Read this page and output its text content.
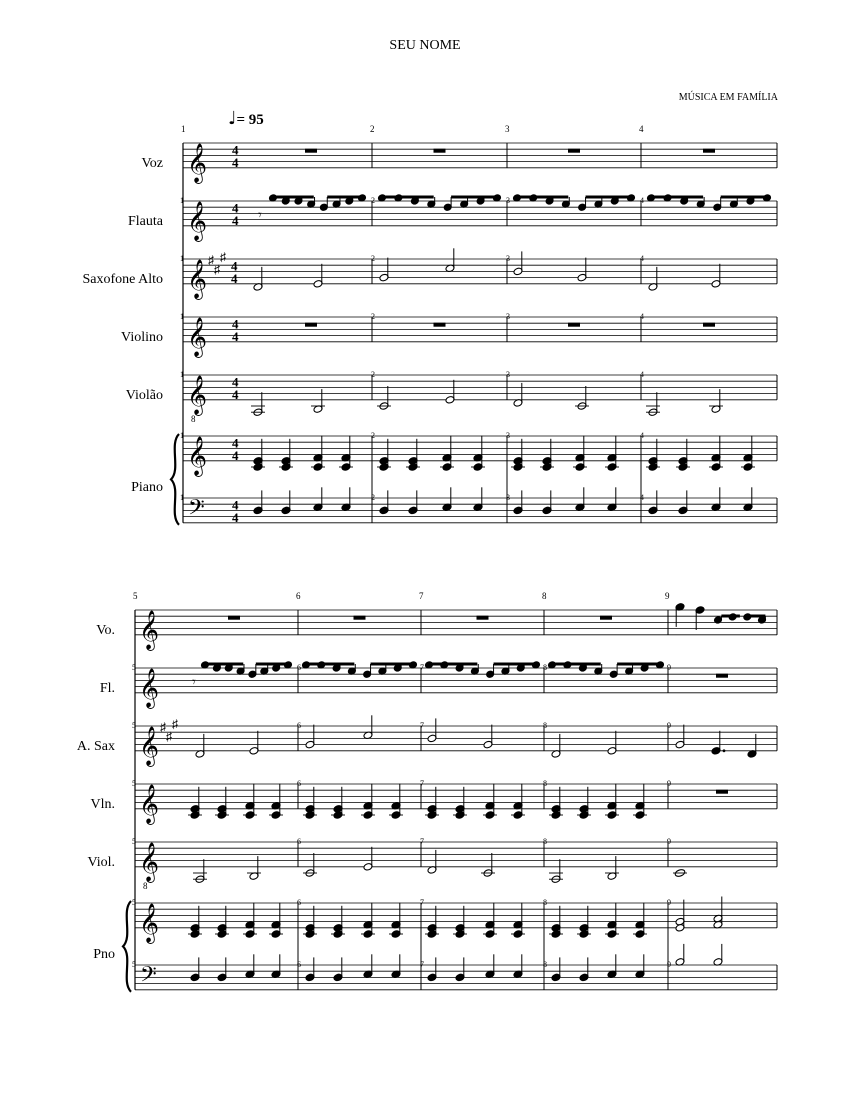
SEU NOME
MÚSICA EM FAMÍLIA
♩= 95
Voz
Flauta
Saxofone Alto
Violino
Violão
Piano
1	2	3	4
Vo.
Fl.
A. Sax
Vln.
Viol.
Pno
5	6	7	8	9
𝄞
𝄞
𝄞
𝄞
𝄞
8
𝄞
𝄢
4
4
4
4
♯
♯
♯
4
4
4
4
4
4
4
4
4
4
𝄾
2
2
2
2
2
2
3
3
3
3
3
3
4
4
4
4
4
4
1
1
1
1
1
1
𝄞
𝄞
𝄞
𝄞
𝄞
8
𝄞
𝄢
♯
♯
♯
𝄾
6
6
6
6
6
6
7
7
7
7
7
7
8
8
8
8
8
8
9
9
9
9
9
9
5
5
5
5
5
5
